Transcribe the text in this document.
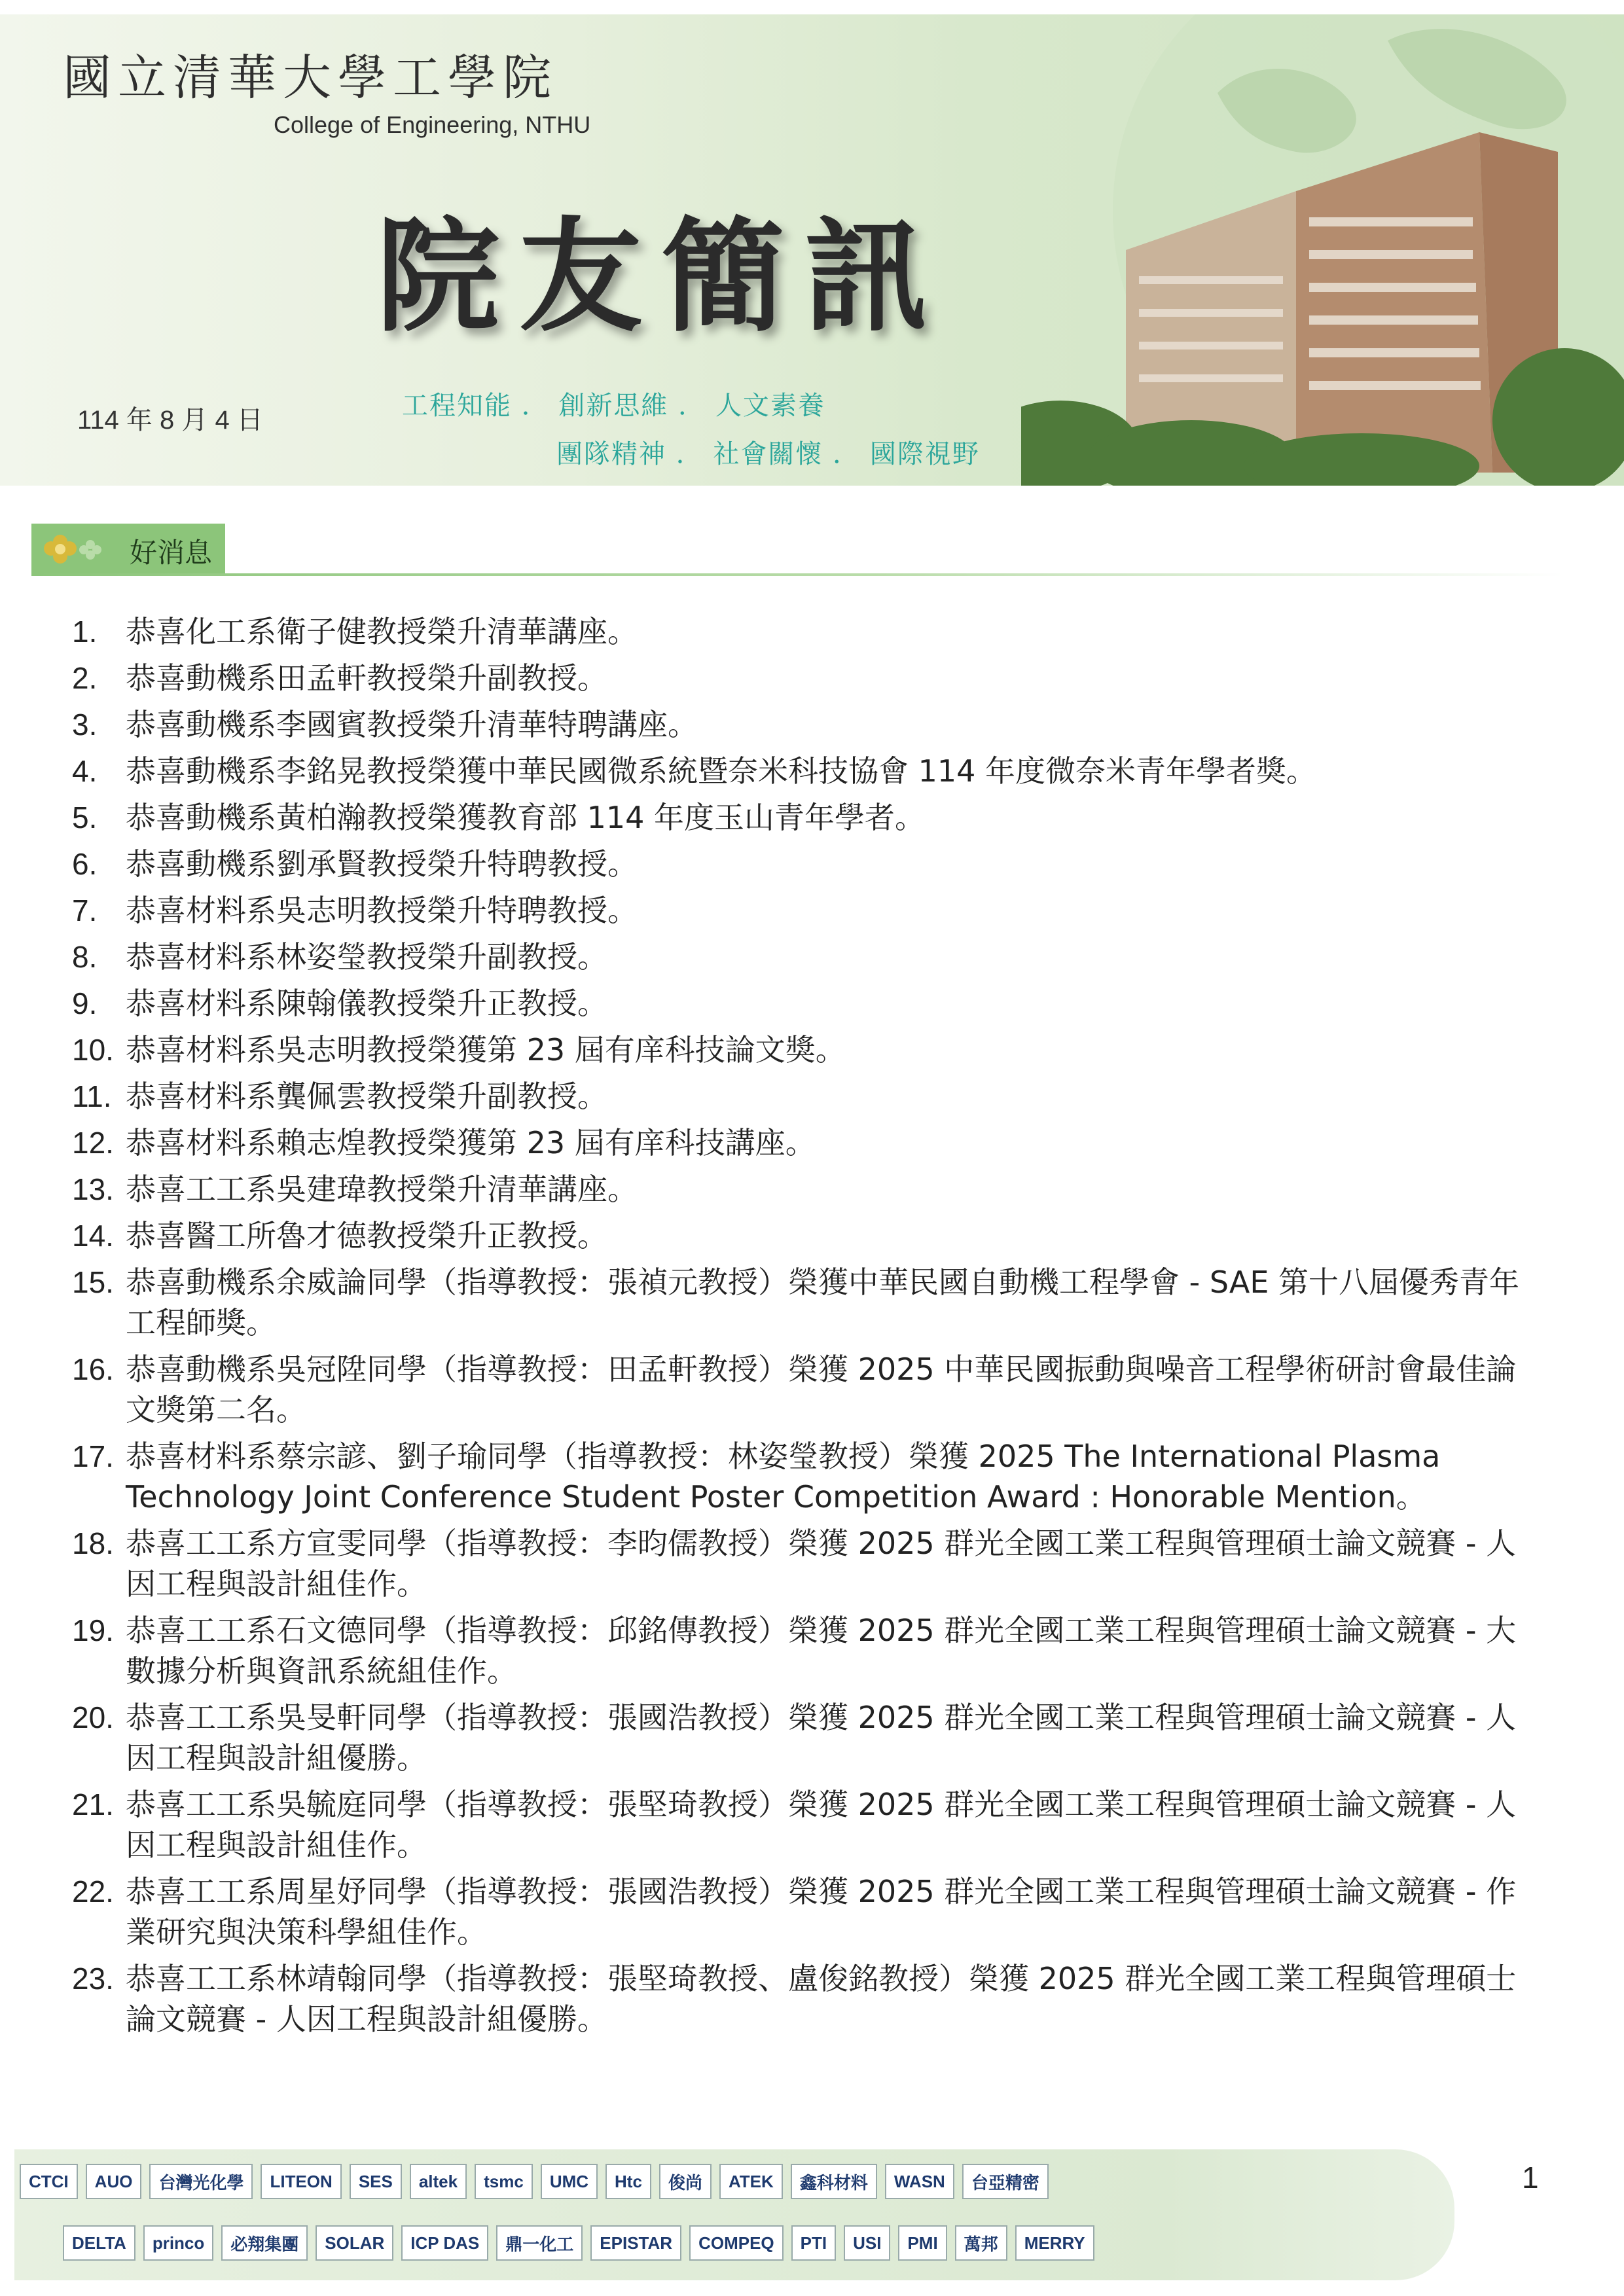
國立清華大學工學院
College of Engineering, NTHU
院友簡訊
114 年 8 月 4 日	工程知能 ． 創新思維 ． 人文素養
團隊精神 ． 社會關懷 ． 國際視野
好消息
1. 恭喜化工系衛子健教授榮升清華講座。
2. 恭喜動機系田孟軒教授榮升副教授。
3. 恭喜動機系李國賓教授榮升清華特聘講座。
4. 恭喜動機系李銘晃教授榮獲中華民國微系統暨奈米科技協會 114 年度微奈米青年學者獎。
5. 恭喜動機系黃柏瀚教授榮獲教育部 114 年度玉山青年學者。
6. 恭喜動機系劉承賢教授榮升特聘教授。
7. 恭喜材料系吳志明教授榮升特聘教授。
8. 恭喜材料系林姿瑩教授榮升副教授。
9. 恭喜材料系陳翰儀教授榮升正教授。
10. 恭喜材料系吳志明教授榮獲第 23 屆有庠科技論文獎。
11. 恭喜材料系龔佩雲教授榮升副教授。
12. 恭喜材料系賴志煌教授榮獲第 23 屆有庠科技講座。
13. 恭喜工工系吳建瑋教授榮升清華講座。
14. 恭喜醫工所魯才德教授榮升正教授。
15. 恭喜動機系余威論同學（指導教授：張禎元教授）榮獲中華民國自動機工程學會 - SAE 第十八屆優秀青年工程師獎。
16. 恭喜動機系吳冠陞同學（指導教授：田孟軒教授）榮獲 2025 中華民國振動與噪音工程學術研討會最佳論文獎第二名。
17. 恭喜材料系蔡宗諺、劉子瑜同學（指導教授：林姿瑩教授）榮獲 2025 The International Plasma Technology Joint Conference Student Poster Competition Award : Honorable Mention。
18. 恭喜工工系方宣雯同學（指導教授：李昀儒教授）榮獲 2025 群光全國工業工程與管理碩士論文競賽 - 人因工程與設計組佳作。
19. 恭喜工工系石文德同學（指導教授：邱銘傳教授）榮獲 2025 群光全國工業工程與管理碩士論文競賽 - 大數據分析與資訊系統組佳作。
20. 恭喜工工系吳旻軒同學（指導教授：張國浩教授）榮獲 2025 群光全國工業工程與管理碩士論文競賽 - 人因工程與設計組優勝。
21. 恭喜工工系吳毓庭同學（指導教授：張堅琦教授）榮獲 2025 群光全國工業工程與管理碩士論文競賽 - 人因工程與設計組佳作。
22. 恭喜工工系周星妤同學（指導教授：張國浩教授）榮獲 2025 群光全國工業工程與管理碩士論文競賽 - 作業研究與決策科學組佳作。
23. 恭喜工工系林靖翰同學（指導教授：張堅琦教授、盧俊銘教授）榮獲 2025 群光全國工業工程與管理碩士論文競賽 - 人因工程與設計組優勝。
CTCI	AUO	台灣光化學	LITEON	SES	altek	tsmc	UMC	Htc	俊尚	ATEK	鑫科材料	WASN	台亞精密
DELTA	princo	必翔集團	SOLAR	ICP DAS	鼎一化工	EPISTAR	COMPEQ	PTI	USI	PMI	萬邦	MERRY
1
